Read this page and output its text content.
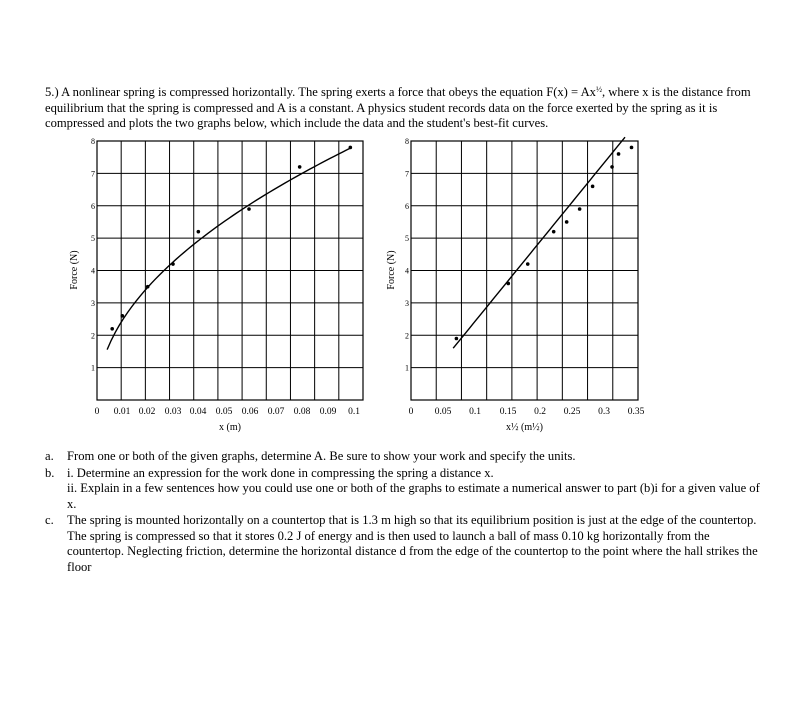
5.) A nonlinear spring is compressed horizontally. The spring exerts a force that obeys the equation $F(x) = Ax^{\frac{1}{2}}$, where x is the distance from equilibrium that the spring is compressed and A is a constant. A physics student records data on the force exerted by the spring as it is compressed and plots the two graphs below, which include the data and the student's best-fit curves.

1
2
3
4
5
6
7
8
0 0.01 0.02 0.03 0.04 0.05 0.06 0.07 0.08 0.09 0.1
Force (N)
x (m)
1
2
3
4
5
6
7
8
0 0.05 0.1 0.15 0.2 0.25 0.3 0.35
Force (N)
x½ (m½)
a. From one or both of the given graphs, determine A. Be sure to show your work and specify the units.
b. i. Determine an expression for the work done in compressing the spring a distance x.
ii. Explain in a few sentences how you could use one or both of the graphs to estimate a numerical answer to part (b)i for a given value of x.
c. The spring is mounted horizontally on a countertop that is 1.3 m high so that its equilibrium position is just at the edge of the countertop. The spring is compressed so that it stores 0.2 J of energy and is then used to launch a ball of mass 0.10 kg horizontally from the countertop. Neglecting friction, determine the horizontal distance d from the edge of the countertop to the point where the hall strikes the floor
